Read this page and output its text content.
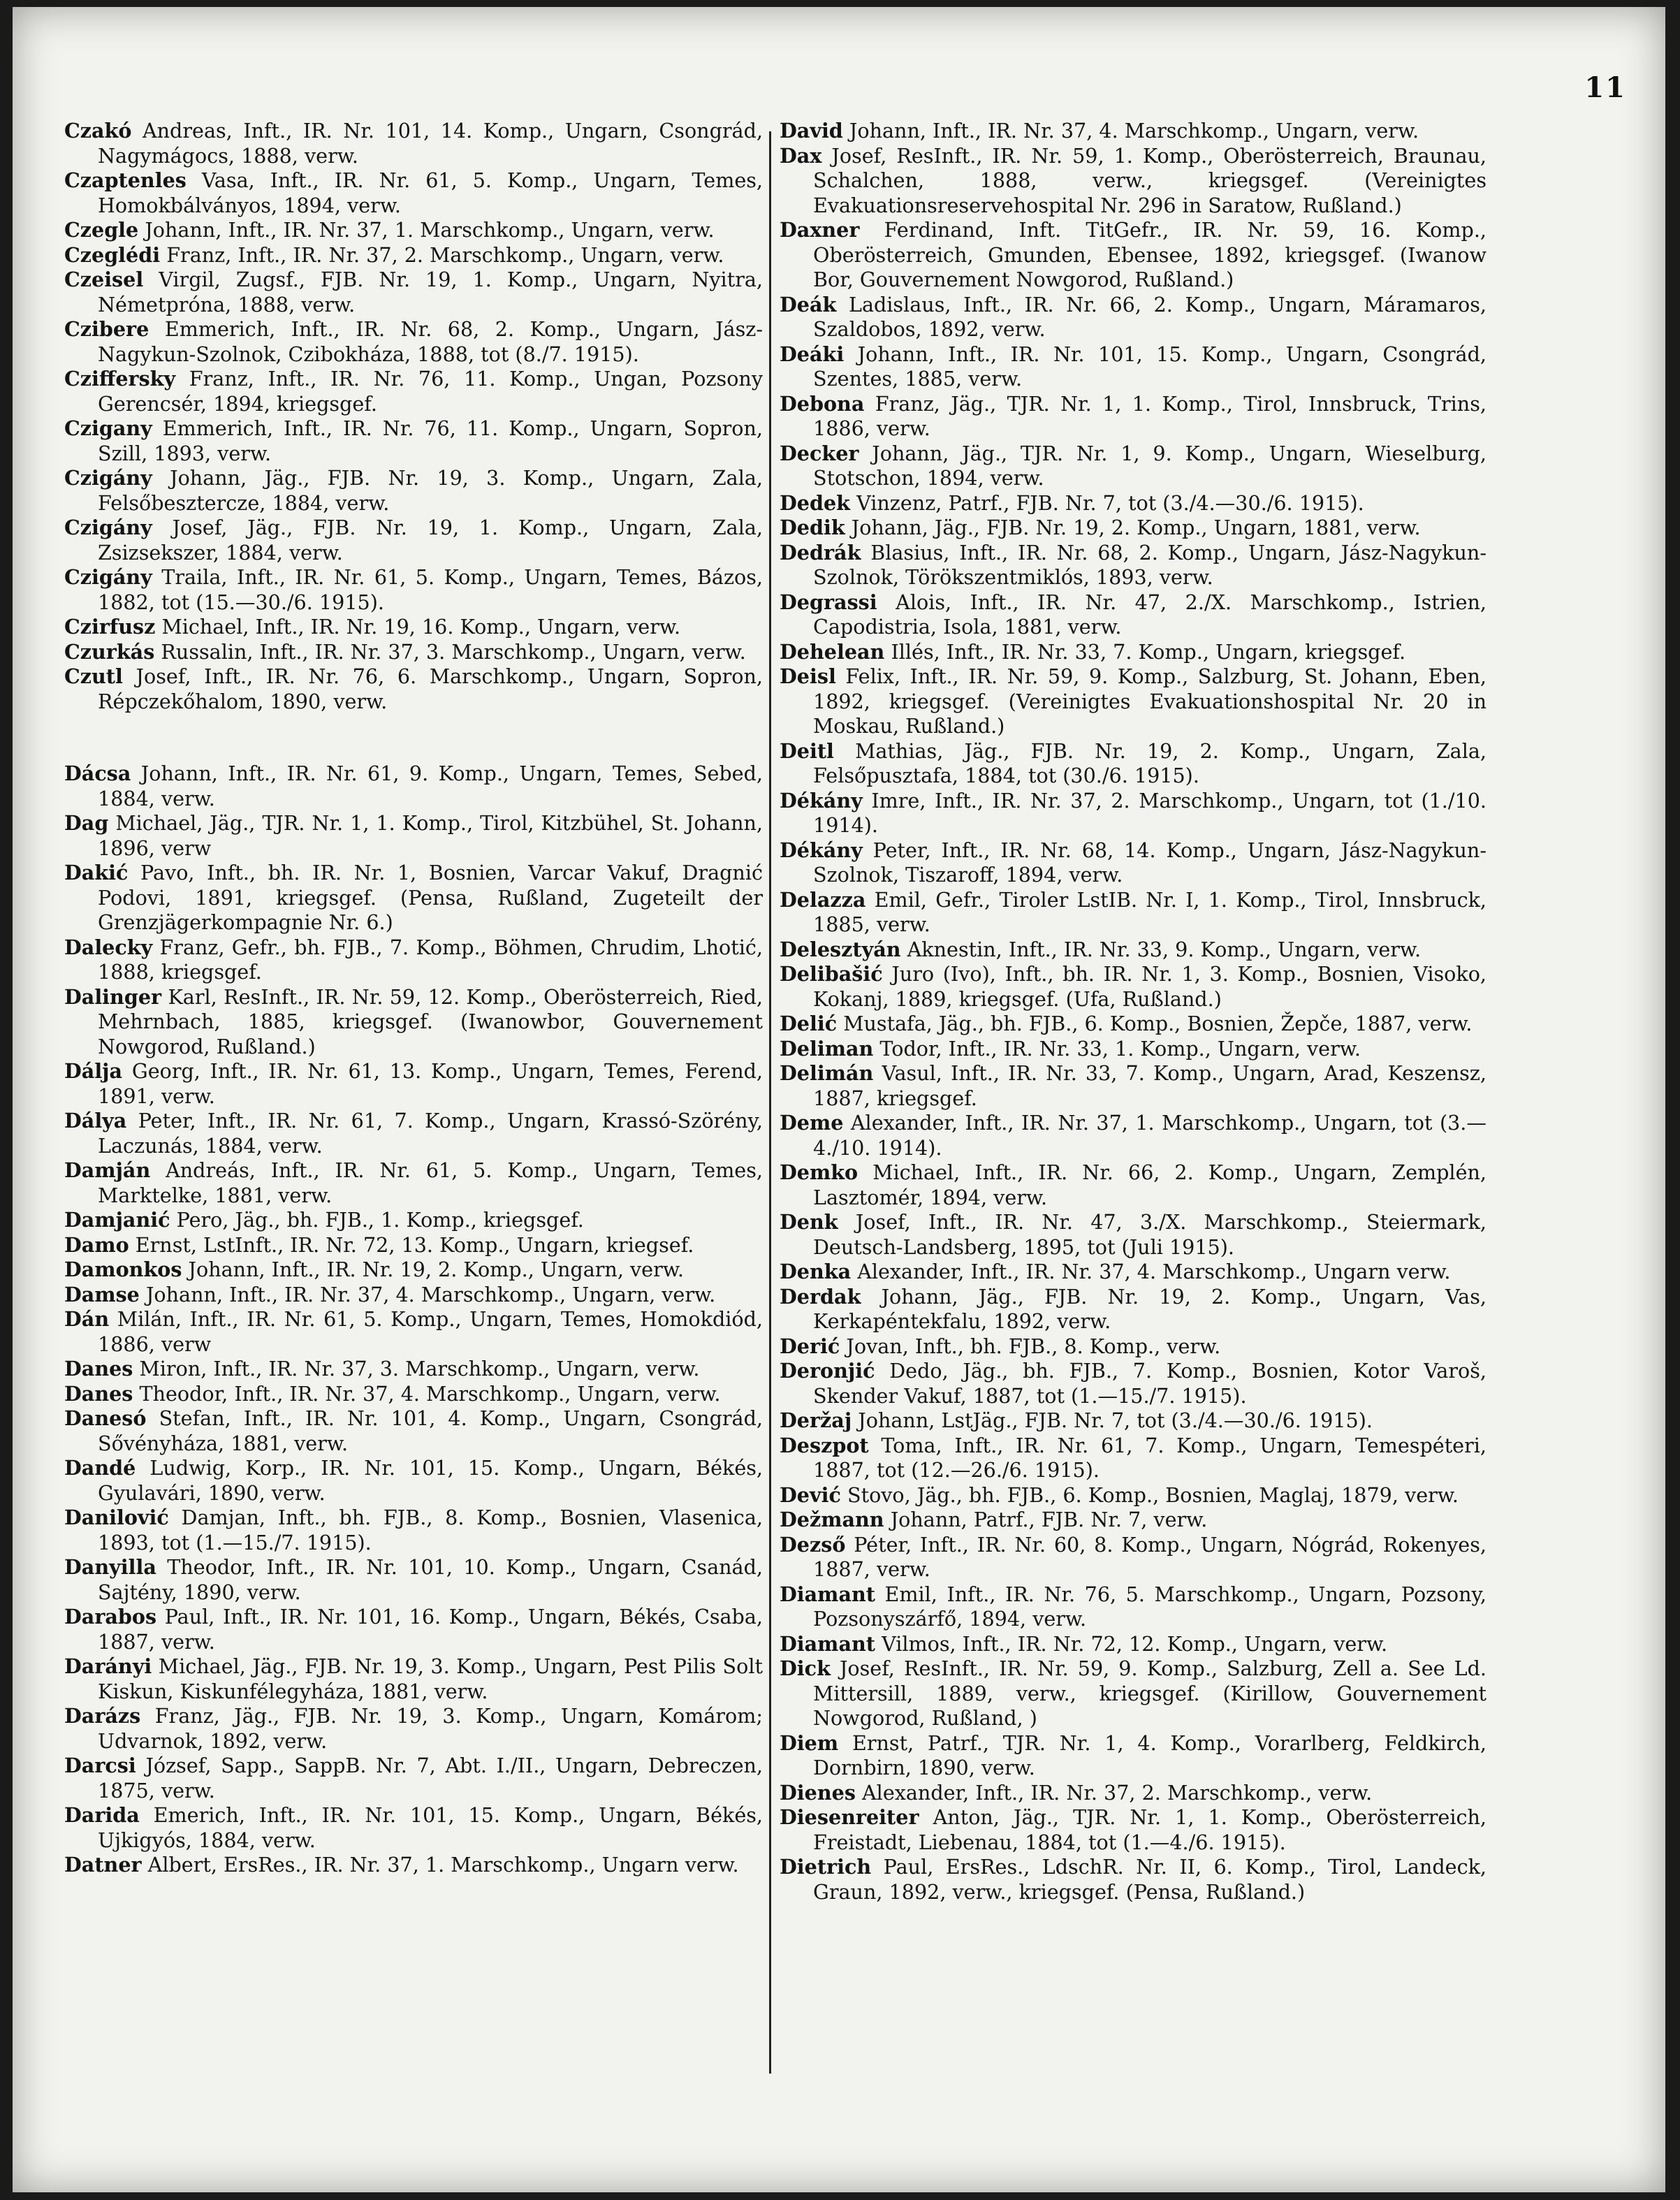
11

Czakó Andreas, Inft., IR. Nr. 101, 14. Komp., Ungarn, Csongrád, Nagymágocs, 1888, verw.

Czaptenles Vasa, Inft., IR. Nr. 61, 5. Komp., Ungarn, Temes, Homokbálványos, 1894, verw.

Czegle Johann, Inft., IR. Nr. 37, 1. Marschkomp., Ungarn, verw.

Czeglédi Franz, Inft., IR. Nr. 37, 2. Marschkomp., Ungarn, verw.

Czeisel Virgil, Zugsf., FJB. Nr. 19, 1. Komp., Ungarn, Nyitra, Németpróna, 1888, verw.

Czibere Emmerich, Inft., IR. Nr. 68, 2. Komp., Ungarn, Jász-Nagykun-Szolnok, Czibokháza, 1888, tot (8./7. 1915).

Cziffersky Franz, Inft., IR. Nr. 76, 11. Komp., Ungan, Pozsony Gerencsér, 1894, kriegsgef.

Czigany Emmerich, Inft., IR. Nr. 76, 11. Komp., Ungarn, Sopron, Szill, 1893, verw.

Czigány Johann, Jäg., FJB. Nr. 19, 3. Komp., Ungarn, Zala, Felsőbesztercze, 1884, verw.

Czigány Josef, Jäg., FJB. Nr. 19, 1. Komp., Ungarn, Zala, Zsizsekszer, 1884, verw.

Czigány Traila, Inft., IR. Nr. 61, 5. Komp., Ungarn, Temes, Bázos, 1882, tot (15.—30./6. 1915).

Czirfusz Michael, Inft., IR. Nr. 19, 16. Komp., Ungarn, verw.

Czurkás Russalin, Inft., IR. Nr. 37, 3. Marschkomp., Ungarn, verw.

Czutl Josef, Inft., IR. Nr. 76, 6. Marschkomp., Ungarn, Sopron, Répczekőhalom, 1890, verw.

Dácsa Johann, Inft., IR. Nr. 61, 9. Komp., Ungarn, Temes, Sebed, 1884, verw.

Dag Michael, Jäg., TJR. Nr. 1, 1. Komp., Tirol, Kitzbühel, St. Johann, 1896, verw

Dakić Pavo, Inft., bh. IR. Nr. 1, Bosnien, Varcar Vakuf, Dragnić Podovi, 1891, kriegsgef. (Pensa, Rußland, Zugeteilt der Grenzjägerkompagnie Nr. 6.)

Dalecky Franz, Gefr., bh. FJB., 7. Komp., Böhmen, Chrudim, Lhotić, 1888, kriegsgef.

Dalinger Karl, ResInft., IR. Nr. 59, 12. Komp., Oberösterreich, Ried, Mehrnbach, 1885, kriegsgef. (Iwanowbor, Gouvernement Nowgorod, Rußland.)

Dálja Georg, Inft., IR. Nr. 61, 13. Komp., Ungarn, Temes, Ferend, 1891, verw.

Dálya Peter, Inft., IR. Nr. 61, 7. Komp., Ungarn, Krassó-Szörény, Laczunás, 1884, verw.

Damján Andreás, Inft., IR. Nr. 61, 5. Komp., Ungarn, Temes, Marktelke, 1881, verw.

Damjanić Pero, Jäg., bh. FJB., 1. Komp., kriegsgef.

Damo Ernst, LstInft., IR. Nr. 72, 13. Komp., Ungarn, kriegsef.

Damonkos Johann, Inft., IR. Nr. 19, 2. Komp., Ungarn, verw.

Damse Johann, Inft., IR. Nr. 37, 4. Marschkomp., Ungarn, verw.

Dán Milán, Inft., IR. Nr. 61, 5. Komp., Ungarn, Temes, Homokdiód, 1886, verw

Danes Miron, Inft., IR. Nr. 37, 3. Marschkomp., Ungarn, verw.

Danes Theodor, Inft., IR. Nr. 37, 4. Marschkomp., Ungarn, verw.

Danesó Stefan, Inft., IR. Nr. 101, 4. Komp., Ungarn, Csongrád, Sővényháza, 1881, verw.

Dandé Ludwig, Korp., IR. Nr. 101, 15. Komp., Ungarn, Békés, Gyulavári, 1890, verw.

Danilović Damjan, Inft., bh. FJB., 8. Komp., Bosnien, Vlasenica, 1893, tot (1.—15./7. 1915).

Danyilla Theodor, Inft., IR. Nr. 101, 10. Komp., Ungarn, Csanád, Sajtény, 1890, verw.

Darabos Paul, Inft., IR. Nr. 101, 16. Komp., Ungarn, Békés, Csaba, 1887, verw.

Darányi Michael, Jäg., FJB. Nr. 19, 3. Komp., Ungarn, Pest Pilis Solt Kiskun, Kiskunfélegyháza, 1881, verw.

Darázs Franz, Jäg., FJB. Nr. 19, 3. Komp., Ungarn, Komárom; Udvarnok, 1892, verw.

Darcsi József, Sapp., SappB. Nr. 7, Abt. I./II., Ungarn, Debreczen, 1875, verw.

Darida Emerich, Inft., IR. Nr. 101, 15. Komp., Ungarn, Békés, Ujkigyós, 1884, verw.

Datner Albert, ErsRes., IR. Nr. 37, 1. Marschkomp., Ungarn verw.

David Johann, Inft., IR. Nr. 37, 4. Marschkomp., Ungarn, verw.

Dax Josef, ResInft., IR. Nr. 59, 1. Komp., Oberösterreich, Braunau, Schalchen, 1888, verw., kriegsgef. (Vereinigtes Evakuationsreservehospital Nr. 296 in Saratow, Rußland.)

Daxner Ferdinand, Inft. TitGefr., IR. Nr. 59, 16. Komp., Oberösterreich, Gmunden, Ebensee, 1892, kriegsgef. (Iwanow Bor, Gouvernement Nowgorod, Rußland.)

Deák Ladislaus, Inft., IR. Nr. 66, 2. Komp., Ungarn, Máramaros, Szaldobos, 1892, verw.

Deáki Johann, Inft., IR. Nr. 101, 15. Komp., Ungarn, Csongrád, Szentes, 1885, verw.

Debona Franz, Jäg., TJR. Nr. 1, 1. Komp., Tirol, Innsbruck, Trins, 1886, verw.

Decker Johann, Jäg., TJR. Nr. 1, 9. Komp., Ungarn, Wieselburg, Stotschon, 1894, verw.

Dedek Vinzenz, Patrf., FJB. Nr. 7, tot (3./4.—30./6. 1915).

Dedik Johann, Jäg., FJB. Nr. 19, 2. Komp., Ungarn, 1881, verw.

Dedrák Blasius, Inft., IR. Nr. 68, 2. Komp., Ungarn, Jász-Nagykun-Szolnok, Törökszentmiklós, 1893, verw.

Degrassi Alois, Inft., IR. Nr. 47, 2./X. Marschkomp., Istrien, Capodistria, Isola, 1881, verw.

Dehelean Illés, Inft., IR. Nr. 33, 7. Komp., Ungarn, kriegsgef.

Deisl Felix, Inft., IR. Nr. 59, 9. Komp., Salzburg, St. Johann, Eben, 1892, kriegsgef. (Vereinigtes Evakuationshospital Nr. 20 in Moskau, Rußland.)

Deitl Mathias, Jäg., FJB. Nr. 19, 2. Komp., Ungarn, Zala, Felsőpusztafa, 1884, tot (30./6. 1915).

Dékány Imre, Inft., IR. Nr. 37, 2. Marschkomp., Ungarn, tot (1./10. 1914).

Dékány Peter, Inft., IR. Nr. 68, 14. Komp., Ungarn, Jász-Nagykun-Szolnok, Tiszaroff, 1894, verw.

Delazza Emil, Gefr., Tiroler LstIB. Nr. I, 1. Komp., Tirol, Innsbruck, 1885, verw.

Delesztyán Aknestin, Inft., IR. Nr. 33, 9. Komp., Ungarn, verw.

Delibašić Juro (Ivo), Inft., bh. IR. Nr. 1, 3. Komp., Bosnien, Visoko, Kokanj, 1889, kriegsgef. (Ufa, Rußland.)

Delić Mustafa, Jäg., bh. FJB., 6. Komp., Bosnien, Žepče, 1887, verw.

Deliman Todor, Inft., IR. Nr. 33, 1. Komp., Ungarn, verw.

Delimán Vasul, Inft., IR. Nr. 33, 7. Komp., Ungarn, Arad, Keszensz, 1887, kriegsgef.

Deme Alexander, Inft., IR. Nr. 37, 1. Marschkomp., Ungarn, tot (3.—4./10. 1914).

Demko Michael, Inft., IR. Nr. 66, 2. Komp., Ungarn, Zemplén, Lasztomér, 1894, verw.

Denk Josef, Inft., IR. Nr. 47, 3./X. Marschkomp., Steiermark, Deutsch-Landsberg, 1895, tot (Juli 1915).

Denka Alexander, Inft., IR. Nr. 37, 4. Marschkomp., Ungarn verw.

Derdak Johann, Jäg., FJB. Nr. 19, 2. Komp., Ungarn, Vas, Kerkapéntekfalu, 1892, verw.

Derić Jovan, Inft., bh. FJB., 8. Komp., verw.

Deronjić Dedo, Jäg., bh. FJB., 7. Komp., Bosnien, Kotor Varoš, Skender Vakuf, 1887, tot (1.—15./7. 1915).

Deržaj Johann, LstJäg., FJB. Nr. 7, tot (3./4.—30./6. 1915).

Deszpot Toma, Inft., IR. Nr. 61, 7. Komp., Ungarn, Temespéteri, 1887, tot (12.—26./6. 1915).

Dević Stovo, Jäg., bh. FJB., 6. Komp., Bosnien, Maglaj, 1879, verw.

Dežmann Johann, Patrf., FJB. Nr. 7, verw.

Dezső Péter, Inft., IR. Nr. 60, 8. Komp., Ungarn, Nógrád, Rokenyes, 1887, verw.

Diamant Emil, Inft., IR. Nr. 76, 5. Marschkomp., Ungarn, Pozsony, Pozsonyszárfő, 1894, verw.

Diamant Vilmos, Inft., IR. Nr. 72, 12. Komp., Ungarn, verw.

Dick Josef, ResInft., IR. Nr. 59, 9. Komp., Salzburg, Zell a. See Ld. Mittersill, 1889, verw., kriegsgef. (Kirillow, Gouvernement Nowgorod, Rußland, )

Diem Ernst, Patrf., TJR. Nr. 1, 4. Komp., Vorarlberg, Feldkirch, Dornbirn, 1890, verw.

Dienes Alexander, Inft., IR. Nr. 37, 2. Marschkomp., verw.

Diesenreiter Anton, Jäg., TJR. Nr. 1, 1. Komp., Oberösterreich, Freistadt, Liebenau, 1884, tot (1.—4./6. 1915).

Dietrich Paul, ErsRes., LdschR. Nr. II, 6. Komp., Tirol, Landeck, Graun, 1892, verw., kriegsgef. (Pensa, Rußland.)
